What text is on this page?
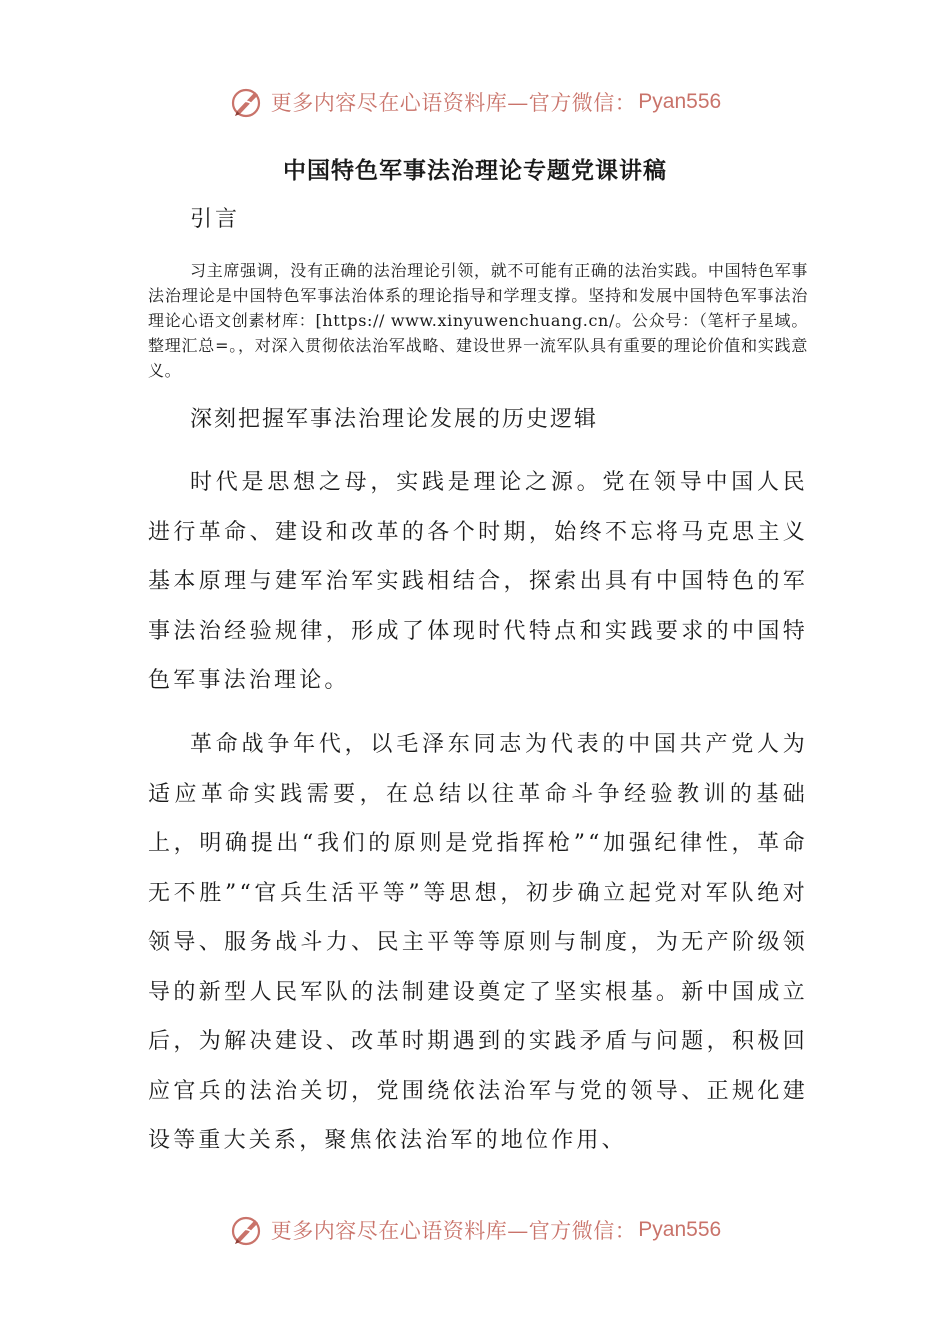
更多内容尽在心语资料库—官方微信： Pyan556
中国特色军事法治理论专题党课讲稿
引言
习主席强调，没有正确的法治理论引领，就不可能有正确的法治实践。中国特色军事法治理论是中国特色军事法治体系的理论指导和学理支撑。坚持和发展中国特色军事法治理论心语文创素材库：[https:// www.xinyuwenchuang.cn/。公众号：（笔杆子星域。整理汇总=。，对深入贯彻依法治军战略、建设世界一流军队具有重要的理论价值和实践意义。
深刻把握军事法治理论发展的历史逻辑
时代是思想之母，实践是理论之源。党在领导中国人民进行革命、建设和改革的各个时期，始终不忘将马克思主义基本原理与建军治军实践相结合，探索出具有中国特色的军事法治经验规律，形成了体现时代特点和实践要求的中国特色军事法治理论。
革命战争年代，以毛泽东同志为代表的中国共产党人为适应革命实践需要，在总结以往革命斗争经验教训的基础上，明确提出“我们的原则是党指挥枪”“加强纪律性，革命无不胜”“官兵生活平等”等思想，初步确立起党对军队绝对领导、服务战斗力、民主平等等原则与制度，为无产阶级领导的新型人民军队的法制建设奠定了坚实根基。新中国成立后，为解决建设、改革时期遇到的实践矛盾与问题，积极回应官兵的法治关切，党围绕依法治军与党的领导、正规化建设等重大关系，聚焦依法治军的地位作用、
更多内容尽在心语资料库—官方微信： Pyan556
